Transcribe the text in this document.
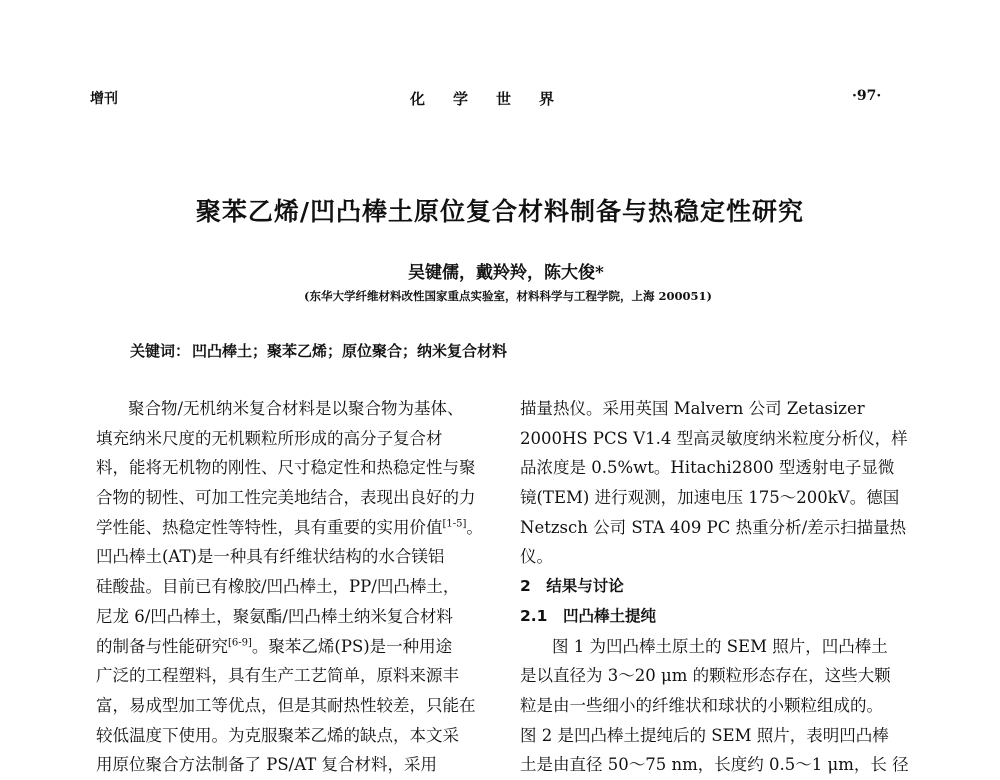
增刊	化学世界	·97·
聚苯乙烯/凹凸棒土原位复合材料制备与热稳定性研究
吴键儒，戴羚羚，陈大俊*
(东华大学纤维材料改性国家重点实验室，材料科学与工程学院，上海 200051)
关键词： 凹凸棒土；聚苯乙烯；原位聚合；纳米复合材料
聚合物/无机纳米复合材料是以聚合物为基体、
填充纳米尺度的无机颗粒所形成的高分子复合材
料，能将无机物的刚性、尺寸稳定性和热稳定性与聚
合物的韧性、可加工性完美地结合，表现出良好的力
学性能、热稳定性等特性，具有重要的实用价值[1-5]。
凹凸棒土(AT)是一种具有纤维状结构的水合镁铝
硅酸盐。目前已有橡胶/凹凸棒土，PP/凹凸棒土，
尼龙 6/凹凸棒土，聚氨酯/凹凸棒土纳米复合材料
的制备与性能研究[6-9]。聚苯乙烯(PS)是一种用途
广泛的工程塑料，具有生产工艺简单，原料来源丰
富，易成型加工等优点，但是其耐热性较差，只能在
较低温度下使用。为克服聚苯乙烯的缺点，本文采
用原位聚合方法制备了 PS/AT 复合材料，采用
描量热仪。采用英国 Malvern 公司 Zetasizer
2000HS PCS V1.4 型高灵敏度纳米粒度分析仪，样
品浓度是 0.5%wt。Hitachi2800 型透射电子显微
镜(TEM) 进行观测，加速电压 175～200kV。德国
Netzsch 公司 STA 409 PC 热重分析/差示扫描量热
仪。
2　结果与讨论
2.1　凹凸棒土提纯
图 1 为凹凸棒土原土的 SEM 照片，凹凸棒土
是以直径为 3～20 μm 的颗粒形态存在，这些大颗
粒是由一些细小的纤维状和球状的小颗粒组成的。
图 2 是凹凸棒土提纯后的 SEM 照片，表明凹凸棒
土是由直径 50～75 nm，长度约 0.5～1 μm，长 径
